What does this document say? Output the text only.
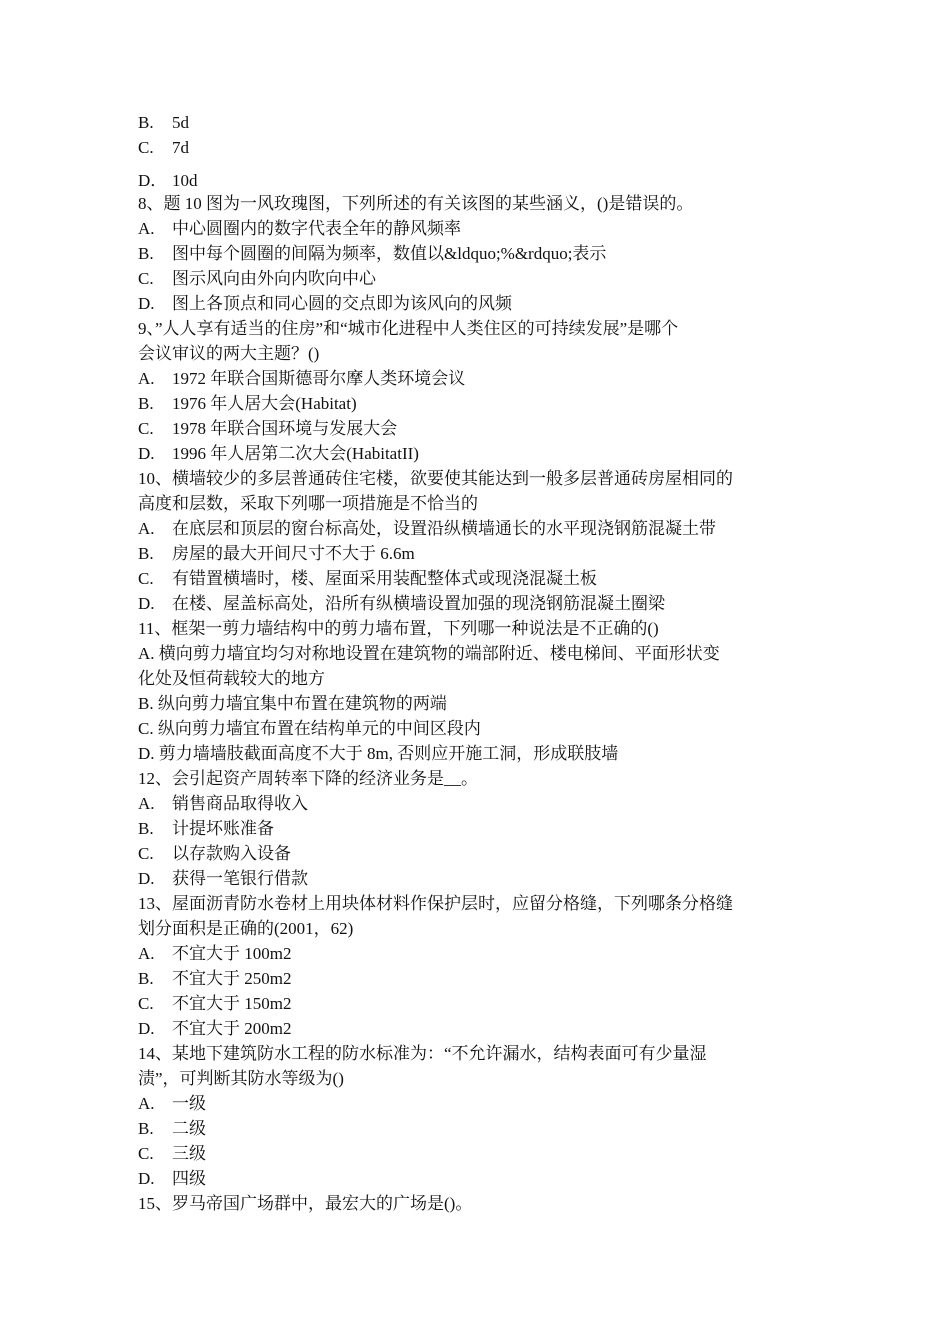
B. 5d
C. 7d
D． 10d
8、题 10 图为一风玫瑰图，下列所述的有关该图的某些涵义，()是错误的。
A. 中心圆圈内的数字代表全年的静风频率
B. 图中每个圆圈的间隔为频率，数值以&ldquo;%&rdquo;表示
C. 图示风向由外向内吹向中心
D. 图上各顶点和同心圆的交点即为该风向的风频
9、”人人享有适当的住房”和“城市化进程中人类住区的可持续发展”是哪个
会议审议的两大主题？()
A. 1972 年联合国斯德哥尔摩人类环境会议
B. 1976 年人居大会(Habitat)
C. 1978 年联合国环境与发展大会
D. 1996 年人居第二次大会(HabitatII)
10、横墙较少的多层普通砖住宅楼，欲要使其能达到一般多层普通砖房屋相同的
高度和层数，采取下列哪一项措施是不恰当的
A. 在底层和顶层的窗台标高处，设置沿纵横墙通长的水平现浇钢筋混凝土带
B. 房屋的最大开间尺寸不大于 6.6m
C. 有错置横墙时，楼、屋面采用装配整体式或现浇混凝土板
D. 在楼、屋盖标高处，沿所有纵横墙设置加强的现浇钢筋混凝土圈梁
11、框架一剪力墙结构中的剪力墙布置，下列哪一种说法是不正确的()
A. 横向剪力墙宜均匀对称地设置在建筑物的端部附近、楼电梯间、平面形状变
化处及恒荷载较大的地方
B. 纵向剪力墙宜集中布置在建筑物的两端
C. 纵向剪力墙宜布置在结构单元的中间区段内
D. 剪力墙墙肢截面高度不大于 8m, 否则应开施工洞，形成联肢墙
12、会引起资产周转率下降的经济业务是__。
A. 销售商品取得收入
B. 计提坏账准备
C. 以存款购入设备
D. 获得一笔银行借款
13、屋面沥青防水卷材上用块体材料作保护层时，应留分格缝，下列哪条分格缝
划分面积是正确的(2001，62)
A. 不宜大于 100m2
B. 不宜大于 250m2
C. 不宜大于 150m2
D. 不宜大于 200m2
14、某地下建筑防水工程的防水标准为：“不允许漏水，结构表面可有少量湿
渍”，可判断其防水等级为()
A. 一级
B. 二级
C. 三级
D. 四级
15、罗马帝国广场群中，最宏大的广场是()。
